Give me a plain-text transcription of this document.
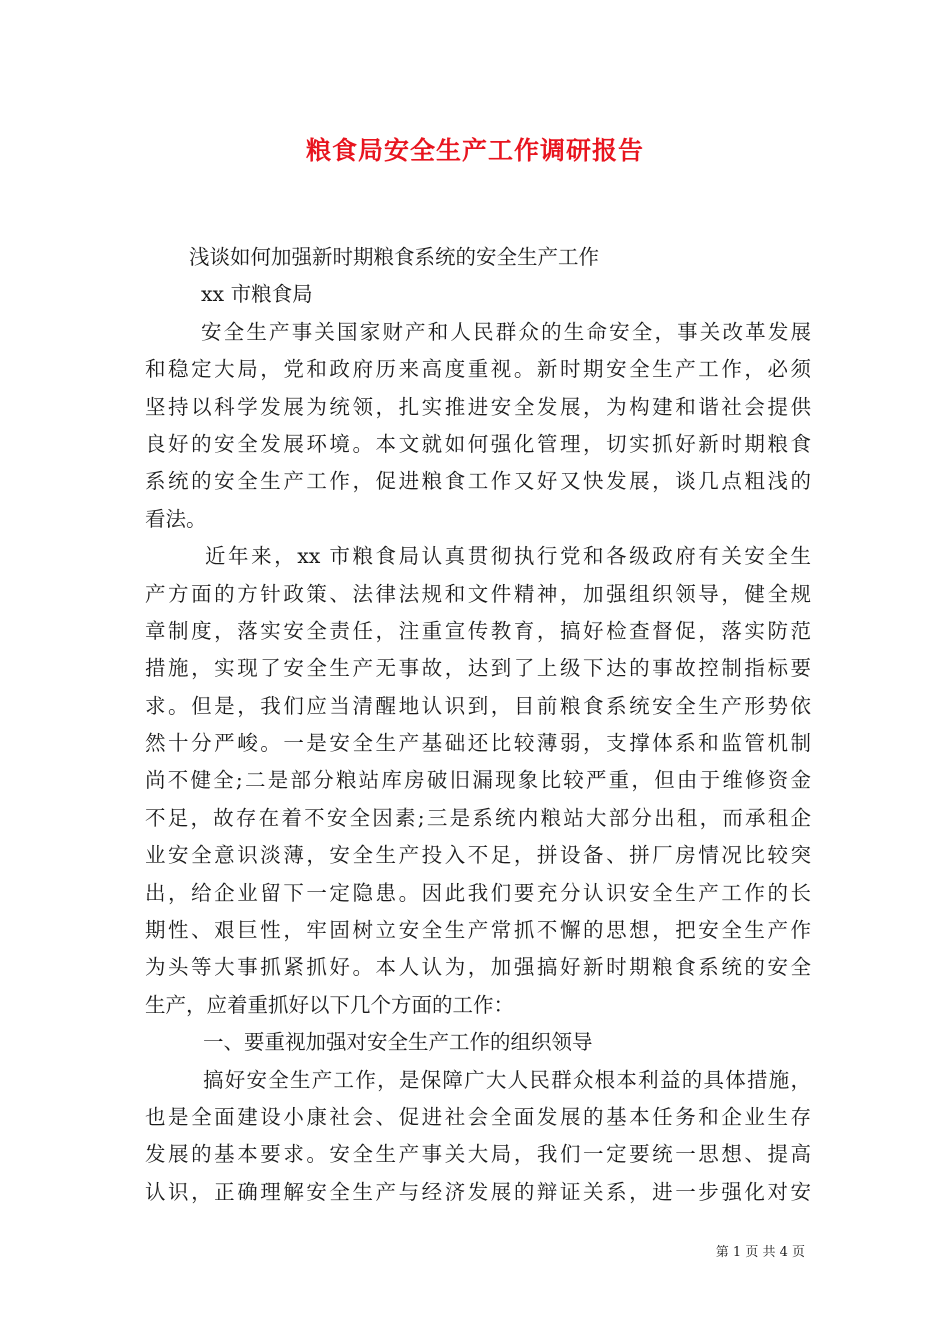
粮食局安全生产工作调研报告
浅谈如何加强新时期粮食系统的安全生产工作
xx 市粮食局
安全生产事关国家财产和人民群众的生命安全，事关改革发展
和稳定大局，党和政府历来高度重视。新时期安全生产工作，必须
坚持以科学发展为统领，扎实推进安全发展，为构建和谐社会提供
良好的安全发展环境。本文就如何强化管理，切实抓好新时期粮食
系统的安全生产工作，促进粮食工作又好又快发展，谈几点粗浅的
看法。
近年来，xx 市粮食局认真贯彻执行党和各级政府有关安全生
产方面的方针政策、法律法规和文件精神，加强组织领导，健全规
章制度，落实安全责任，注重宣传教育，搞好检查督促，落实防范
措施，实现了安全生产无事故，达到了上级下达的事故控制指标要
求。但是，我们应当清醒地认识到，目前粮食系统安全生产形势依
然十分严峻。一是安全生产基础还比较薄弱，支撑体系和监管机制
尚不健全;二是部分粮站库房破旧漏现象比较严重，但由于维修资金
不足，故存在着不安全因素;三是系统内粮站大部分出租，而承租企
业安全意识淡薄，安全生产投入不足，拼设备、拼厂房情况比较突
出，给企业留下一定隐患。因此我们要充分认识安全生产工作的长
期性、艰巨性，牢固树立安全生产常抓不懈的思想，把安全生产作
为头等大事抓紧抓好。本人认为，加强搞好新时期粮食系统的安全
生产，应着重抓好以下几个方面的工作：
一、要重视加强对安全生产工作的组织领导
搞好安全生产工作，是保障广大人民群众根本利益的具体措施，
也是全面建设小康社会、促进社会全面发展的基本任务和企业生存
发展的基本要求。安全生产事关大局，我们一定要统一思想、提高
认识，正确理解安全生产与经济发展的辩证关系，进一步强化对安
第 1 页 共 4 页
